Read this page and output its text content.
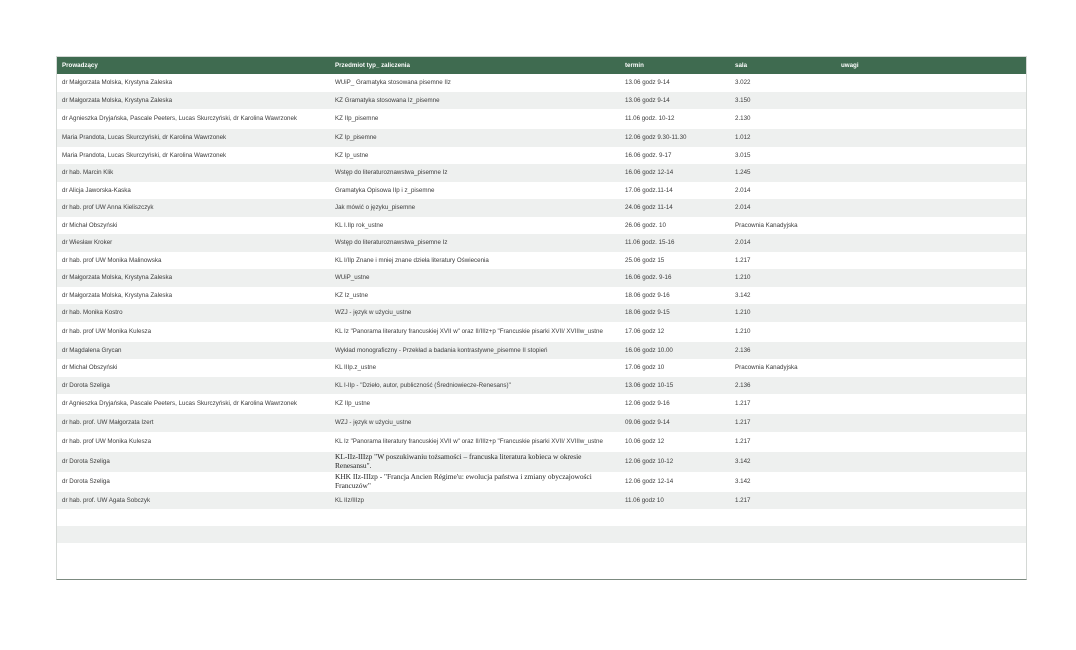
Prowadzący	Przedmiot typ_ zaliczenia	termin	sala	uwagi
dr Małgorzata Molska, Krystyna Zaleska	WUiP_ Gramatyka stosowana pisemne IIz	13.06 godz 9-14	3.022	
dr Małgorzata Molska, Krystyna Zaleska	KZ Gramatyka stosowana Iz_pisemne	13.06 godz 9-14	3.150	
dr Agnieszka Dryjańska, Pascale Peeters, Lucas Skurczyński, dr Karolina Wawrzonek	KZ IIp_pisemne	11.06 godz. 10-12	2.130	
Maria Prandota, Lucas Skurczyński, dr Karolina Wawrzonek	KZ Ip_pisemne	12.06 godz 9.30-11.30	1.012	
Maria Prandota, Lucas Skurczyński, dr Karolina Wawrzonek	KZ Ip_ustne	16.06 godz. 9-17	3.015	
dr hab. Marcin Klik	Wstęp do literaturoznawstwa_pisemne Iz	16.06 godz 12-14	1.245	
dr Alicja Jaworska-Kaska	Gramatyka Opisowa IIp i z_pisemne	17.06 godz.11-14	2.014	
dr hab. prof UW Anna Kieliszczyk	Jak mówić o języku_pisemne	24.06 godz 11-14	2.014	
dr Michał Obszyński	KL I.IIp rok_ustne	26.06 godz. 10	Pracownia Kanadyjska	
dr Wiesław Kroker	Wstęp do literaturoznawstwa_pisemne Iz	11.06 godz. 15-16	2.014	
dr hab. prof UW Monika Malinowska	KL I/IIp Znane i mniej znane dzieła literatury Oświecenia	25.06 godz 15	1.217	
dr Małgorzata Molska, Krystyna Zaleska	WUiP_ustne	16.06 godz. 9-16	1.210	
dr Małgorzata Molska, Krystyna Zaleska	KZ Iz_ustne	18.06 godz 9-16	3.142	
dr hab. Monika Kostro	WZJ - język w użyciu_ustne	18.06 godz 9-15	1.210	
dr hab. prof UW Monika Kulesza	KL Iz "Panorama literatury francuskiej XVII w" oraz II/IIIz+p "Francuskie pisarki XVII/ XVIIIw_ustne	17.06 godz 12	1.210	
dr Magdalena Grycan	Wykład monograficzny - Przekład a badania kontrastywne_pisemne II stopień	16.06 godz 10.00	2.136	
dr Michał Obszyński	KL IIIp.z_ustne	17.06 godz 10	Pracownia Kanadyjska	
dr Dorota Szeliga	KL I-IIp - "Dzieło, autor, publiczność (Średniowiecze-Renesans)"	13.06 godz 10-15	2.136	
dr Agnieszka Dryjańska, Pascale Peeters, Lucas Skurczyński, dr Karolina Wawrzonek	KZ IIp_ustne	12.06 godz 9-16	1.217	
dr hab. prof. UW Małgorzata Izert	WZJ - język w użyciu_ustne	09.06 godz 9-14	1.217	
dr hab. prof UW Monika Kulesza	KL Iz "Panorama literatury francuskiej XVII w" oraz II/IIIz+p "Francuskie pisarki XVII/ XVIIIw_ustne	10.06 godz 12	1.217	
dr Dorota Szeliga	KL-IIz-IIIzp "W poszukiwaniu tożsamości – francuska literatura kobieca w okresie Renesansu".	12.06 godz 10-12	3.142	
dr Dorota Szeliga	KHK IIz-IIIzp - "Francja Ancien Régime'u: ewolucja państwa i zmiany obyczajowości Francuzów"	12.06 godz 12-14	3.142	
dr hab. prof. UW Agata Sobczyk	KL IIz/IIIzp	11.06 godz 10	1.217	
